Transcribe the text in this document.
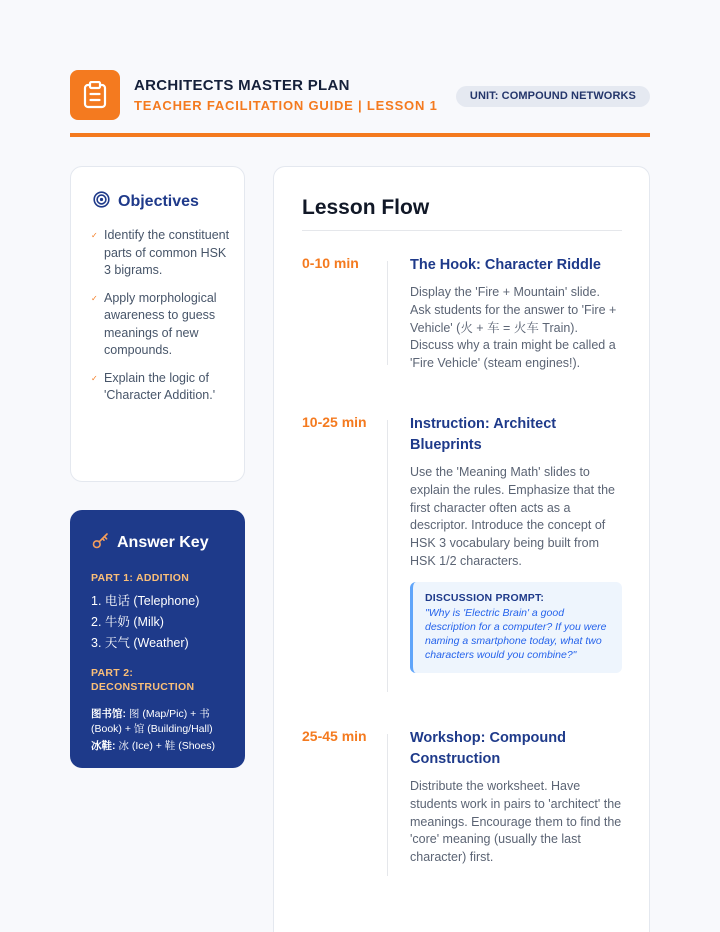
ARCHITECTS MASTER PLAN
TEACHER FACILITATION GUIDE | LESSON 1
UNIT: COMPOUND NETWORKS
Objectives
✓ Identify the constituent parts of common HSK 3 bigrams.
✓ Apply morphological awareness to guess meanings of new compounds.
✓ Explain the logic of 'Character Addition.'
Answer Key
PART 1: ADDITION
1. 电话 (Telephone)
2. 牛奶 (Milk)
3. 天气 (Weather)
PART 2: DECONSTRUCTION

图书馆: 图 (Map/Pic) + 书 (Book) + 馆 (Building/Hall)

冰鞋: 冰 (Ice) + 鞋 (Shoes)

Lesson Flow
0-10 min	The Hook: Character Riddle
Display the 'Fire + Mountain' slide. Ask students for the answer to 'Fire + Vehicle' (火 + 车 = 火车 Train). Discuss why a train might be called a 'Fire Vehicle' (steam engines!).
10-25 min	Instruction: Architect Blueprints
Use the 'Meaning Math' slides to explain the rules. Emphasize that the first character often acts as a descriptor. Introduce the concept of HSK 3 vocabulary being built from HSK 1/2 characters.
DISCUSSION PROMPT:
"Why is 'Electric Brain' a good description for a computer? If you were naming a smartphone today, what two characters would you combine?"
25-45 min	Workshop: Compound Construction
Distribute the worksheet. Have students work in pairs to 'architect' the meanings. Encourage them to find the 'core' meaning (usually the last character) first.
